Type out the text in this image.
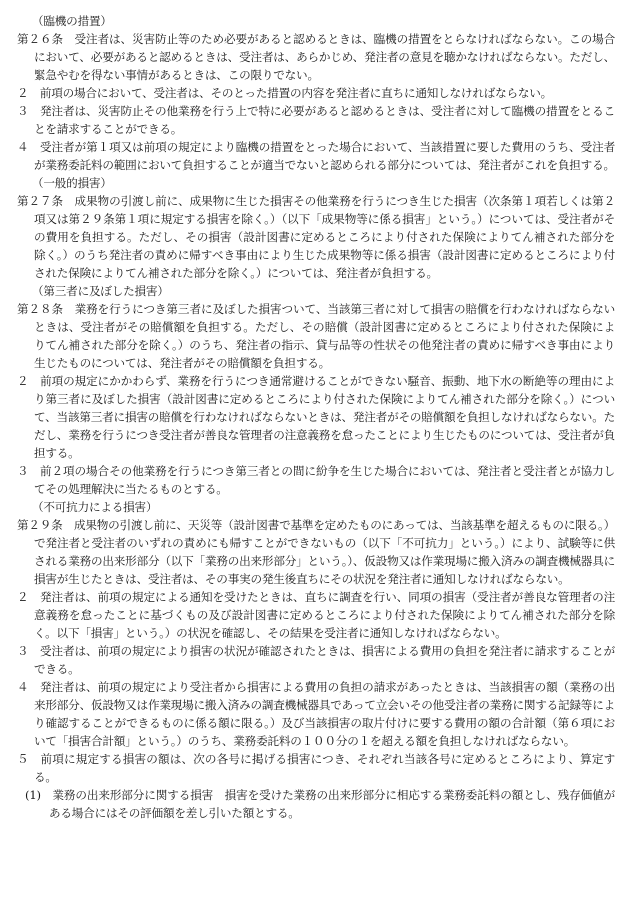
（臨機の措置）

第２６条　 受注者は、災害防止等のため必要があると認めるときは、臨機の措置をとらなければならない。この場合において、必要があると認めるときは、受注者は、あらかじめ、発注者の意見を聴かなければならない。ただし、緊急やむを得ない事情があるときは、この限りでない。

２　 前項の場合において、受注者は、そのとった措置の内容を発注者に直ちに通知しなければならない。

３　 発注者は、災害防止その他業務を行う上で特に必要があると認めるときは、受注者に対して臨機の措置をとることを請求することができる。

４　 受注者が第１項又は前項の規定により臨機の措置をとった場合において、当該措置に要した費用のうち、受注者が業務委託料の範囲において負担することが適当でないと認められる部分については、発注者がこれを負担する。

（一般的損害）

第２７条　 成果物の引渡し前に、成果物に生じた損害その他業務を行うにつき生じた損害（次条第１項若しくは第２項又は第２９条第１項に規定する損害を除く。）（以下「成果物等に係る損害」という。）については、受注者がその費用を負担する。ただし、その損害（設計図書に定めるところにより付された保険によりてん補された部分を除く。）のうち発注者の責めに帰すべき事由により生じた成果物等に係る損害（設計図書に定めるところにより付された保険によりてん補された部分を除く。）については、発注者が負担する。

（第三者に及ぼした損害）

第２８条　 業務を行うにつき第三者に及ぼした損害ついて、当該第三者に対して損害の賠償を行わなければならないときは、受注者がその賠償額を負担する。ただし、その賠償（設計図書に定めるところにより付された保険によりてん補された部分を除く。）のうち、発注者の指示、貸与品等の性状その他発注者の責めに帰すべき事由により生じたものについては、発注者がその賠償額を負担する。

２　 前項の規定にかかわらず、業務を行うにつき通常避けることができない騒音、振動、地下水の断絶等の理由により第三者に及ぼした損害（設計図書に定めるところにより付された保険によりてん補された部分を除く。）について、当該第三者に損害の賠償を行わなければならないときは、発注者がその賠償額を負担しなければならない。ただし、業務を行うにつき受注者が善良な管理者の注意義務を怠ったことにより生じたものについては、受注者が負担する。

３　 前２項の場合その他業務を行うにつき第三者との間に紛争を生じた場合においては、発注者と受注者とが協力してその処理解決に当たるものとする。

（不可抗力による損害）

第２９条　 成果物の引渡し前に、天災等（設計図書で基準を定めたものにあっては、当該基準を超えるものに限る。）で発注者と受注者のいずれの責めにも帰すことができないもの（以下「不可抗力」という。）により、試験等に供される業務の出来形部分（以下「業務の出来形部分」という。）、仮設物又は作業現場に搬入済みの調査機械器具に損害が生じたときは、受注者は、その事実の発生後直ちにその状況を発注者に通知しなければならない。

２　 発注者は、前項の規定による通知を受けたときは、直ちに調査を行い、同項の損害（受注者が善良な管理者の注意義務を怠ったことに基づくもの及び設計図書に定めるところにより付された保険によりてん補された部分を除く。以下「損害」という。）の状況を確認し、その結果を受注者に通知しなければならない。

３　 受注者は、前項の規定により損害の状況が確認されたときは、損害による費用の負担を発注者に請求することができる。

４　 発注者は、前項の規定により受注者から損害による費用の負担の請求があったときは、当該損害の額（業務の出来形部分、仮設物又は作業現場に搬入済みの調査機械器具であって立会いその他受注者の業務に関する記録等により確認することができるものに係る額に限る。）及び当該損害の取片付けに要する費用の額の合計額（第６項において「損害合計額」という。）のうち、業務委託料の１００分の１を超える額を負担しなければならない。

５　 前項に規定する損害の額は、次の各号に掲げる損害につき、それぞれ当該各号に定めるところにより、算定する。

(1)　 業務の出来形部分に関する損害　損害を受けた業務の出来形部分に相応する業務委託料の額とし、残存価値がある場合にはその評価額を差し引いた額とする。
